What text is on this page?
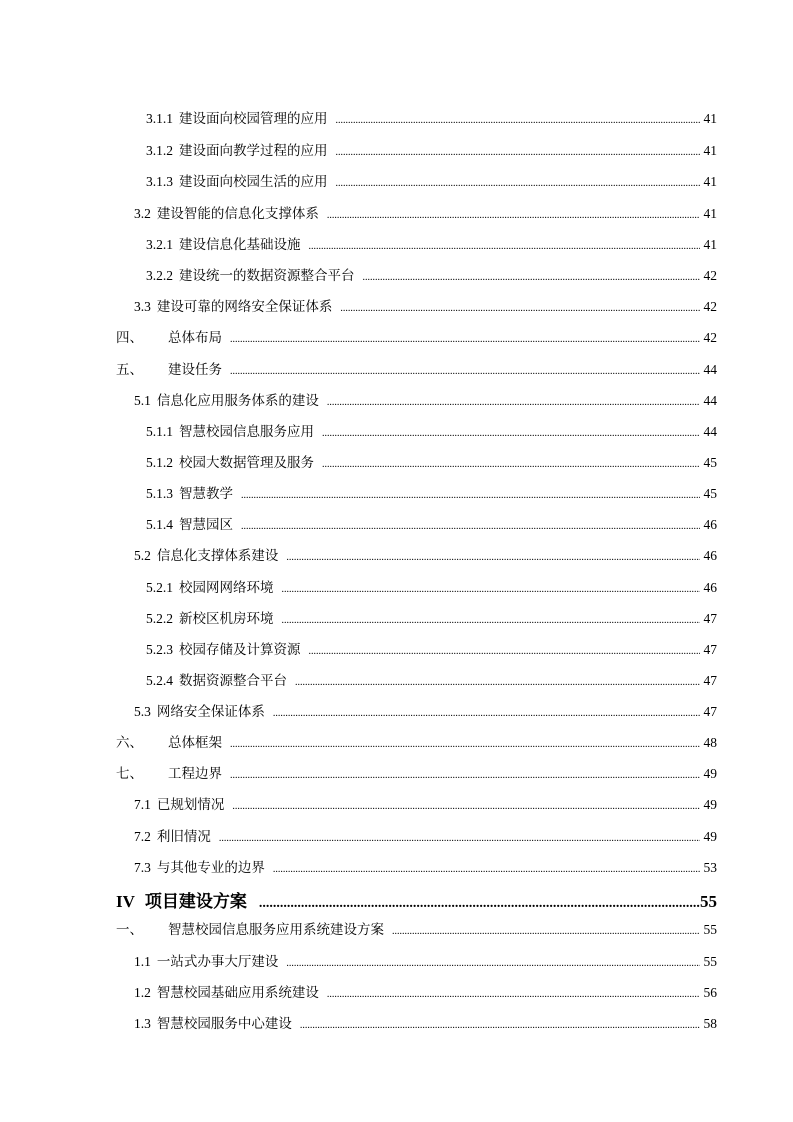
3.1.1 建设面向校园管理的应用 .....	41
3.1.2 建设面向教学过程的应用 .....	41
3.1.3 建设面向校园生活的应用 .....	41
3.2 建设智能的信息化支撑体系 .....	41
3.2.1 建设信息化基础设施 .....	41
3.2.2 建设统一的数据资源整合平台 .....	42
3.3 建设可靠的网络安全保证体系 .....	42
四、	总体布局 .....	42
五、	建设任务 .....	44
5.1 信息化应用服务体系的建设 .....	44
5.1.1 智慧校园信息服务应用 .....	44
5.1.2 校园大数据管理及服务 .....	45
5.1.3 智慧教学 .....	45
5.1.4 智慧园区 .....	46
5.2 信息化支撑体系建设 .....	46
5.2.1 校园网网络环境 .....	46
5.2.2 新校区机房环境 .....	47
5.2.3 校园存储及计算资源 .....	47
5.2.4 数据资源整合平台 .....	47
5.3 网络安全保证体系 .....	47
六、	总体框架 .....	48
七、	工程边界 .....	49
7.1 已规划情况 .....	49
7.2 利旧情况 .....	49
7.3 与其他专业的边界 .....	53
IV 项目建设方案 .....	55
一、	智慧校园信息服务应用系统建设方案 .....	55
1.1 一站式办事大厅建设 .....	55
1.2 智慧校园基础应用系统建设 .....	56
1.3 智慧校园服务中心建设 .....	58
